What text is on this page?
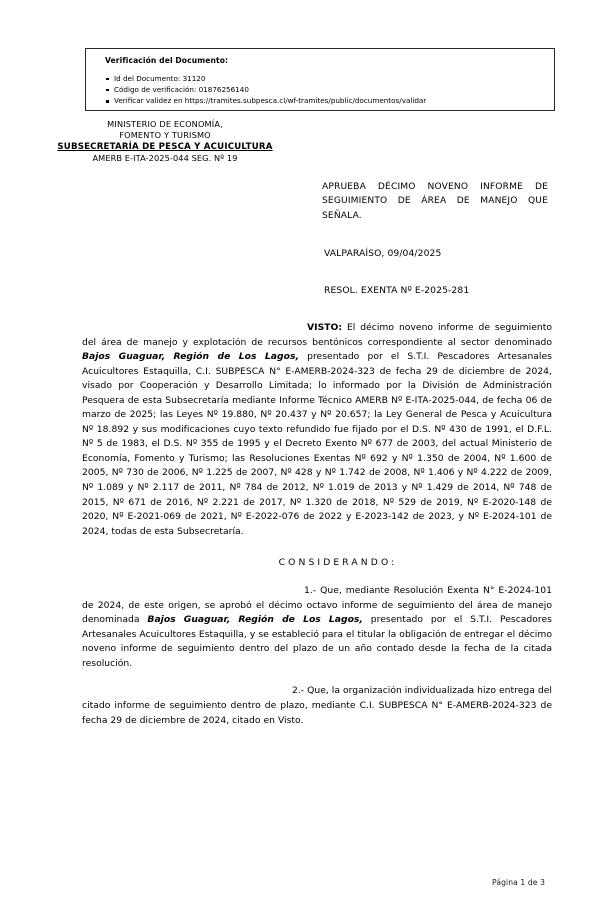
Verificación del Documento:
Id del Documento: 31120
Código de verificación: 01876256140
Verificar validez en https://tramites.subpesca.cl/wf-tramites/public/documentos/validar
MINISTERIO DE ECONOMÍA,
FOMENTO Y TURISMO
SUBSECRETARÍA DE PESCA Y ACUICULTURA
AMERB E-ITA-2025-044 SEG. Nº 19
APRUEBA DÉCIMO NOVENO INFORME DE SEGUIMIENTO DE ÁREA DE MANEJO QUE SEÑALA.
VALPARAÍSO, 09/04/2025
RESOL. EXENTA Nº E-2025-281

VISTO: El décimo noveno informe de seguimiento del área de manejo y explotación de recursos bentónicos correspondiente al sector denominado Bajos Guaguar, Región de Los Lagos, presentado por el S.T.I. Pescadores Artesanales Acuicultores Estaquilla, C.I. SUBPESCA N° E-AMERB-2024-323 de fecha 29 de diciembre de 2024, visado por Cooperación y Desarrollo Limitada; lo informado por la División de Administración Pesquera de esta Subsecretaría mediante Informe Técnico AMERB Nº E-ITA-2025-044, de fecha 06 de marzo de 2025; las Leyes Nº 19.880, Nº 20.437 y Nº 20.657; la Ley General de Pesca y Acuicultura Nº 18.892 y sus modificaciones cuyo texto refundido fue fijado por el D.S. Nº 430 de 1991, el D.F.L. Nº 5 de 1983, el D.S. Nº 355 de 1995 y el Decreto Exento Nº 677 de 2003, del actual Ministerio de Economía, Fomento y Turismo; las Resoluciones Exentas Nº 692 y Nº 1.350 de 2004, Nº 1.600 de 2005, Nº 730 de 2006, Nº 1.225 de 2007, Nº 428 y Nº 1.742 de 2008, Nº 1.406 y Nº 4.222 de 2009, Nº 1.089 y Nº 2.117 de 2011, Nº 784 de 2012, Nº 1.019 de 2013 y Nº 1.429 de 2014, Nº 748 de 2015, Nº 671 de 2016, Nº 2.221 de 2017, Nº 1.320 de 2018, Nº 529 de 2019, Nº E-2020-148 de 2020, Nº E-2021-069 de 2021, Nº E-2022-076 de 2022 y E-2023-142 de 2023, y Nº E-2024-101 de 2024, todas de esta Subsecretaría.

CONSIDERANDO:

1.- Que, mediante Resolución Exenta N° E-2024-101 de 2024, de este origen, se aprobó el décimo octavo informe de seguimiento del área de manejo denominada Bajos Guaguar, Región de Los Lagos, presentado por el S.T.I. Pescadores Artesanales Acuicultores Estaquilla, y se estableció para el titular la obligación de entregar el décimo noveno informe de seguimiento dentro del plazo de un año contado desde la fecha de la citada resolución.

2.- Que, la organización individualizada hizo entrega del citado informe de seguimiento dentro de plazo, mediante C.I. SUBPESCA N° E-AMERB-2024-323 de fecha 29 de diciembre de 2024, citado en Visto.

Página 1 de 3
